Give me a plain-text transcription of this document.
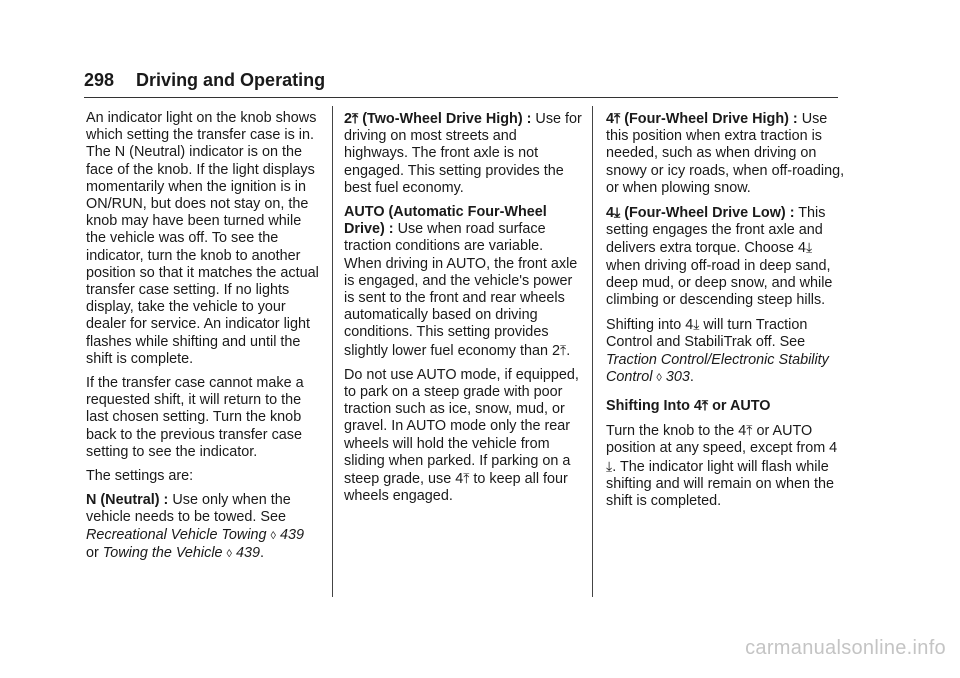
298 Driving and Operating

An indicator light on the knob shows which setting the transfer case is in. The N (Neutral) indicator is on the face of the knob. If the light displays momentarily when the ignition is in ON/RUN, but does not stay on, the knob may have been turned while the vehicle was off. To see the indicator, turn the knob to another position so that it matches the actual transfer case setting. If no lights display, take the vehicle to your dealer for service. An indicator light flashes while shifting and until the shift is complete.

If the transfer case cannot make a requested shift, it will return to the last chosen setting. Turn the knob back to the previous transfer case setting to see the indicator.

The settings are:

N (Neutral) : Use only when the vehicle needs to be towed. See Recreational Vehicle Towing ◊ 439
or Towing the Vehicle ◊ 439.

2⤒ (Two-Wheel Drive High) : Use for driving on most streets and highways. The front axle is not engaged. This setting provides the best fuel economy.

AUTO (Automatic Four-Wheel Drive) : Use when road surface traction conditions are variable. When driving in AUTO, the front axle is engaged, and the vehicle's power is sent to the front and rear wheels automatically based on driving conditions. This setting provides slightly lower fuel economy than 2⤒.

Do not use AUTO mode, if equipped, to park on a steep grade with poor traction such as ice, snow, mud, or gravel. In AUTO mode only the rear wheels will hold the vehicle from sliding when parked. If parking on a steep grade, use 4⤒ to keep all four wheels engaged.

4⤒ (Four-Wheel Drive High) : Use this position when extra traction is needed, such as when driving on snowy or icy roads, when off-roading, or when plowing snow.

4⤓ (Four-Wheel Drive Low) : This setting engages the front axle and delivers extra torque. Choose 4⤓ when driving off-road in deep sand, deep mud, or deep snow, and while climbing or descending steep hills.

Shifting into 4⤓ will turn Traction Control and StabiliTrak off. See Traction Control/Electronic Stability Control ◊ 303.

Shifting Into 4⤒ or AUTO

Turn the knob to the 4⤒ or AUTO position at any speed, except from 4
⤓. The indicator light will flash while shifting and will remain on when the shift is completed.

carmanualsonline.info
